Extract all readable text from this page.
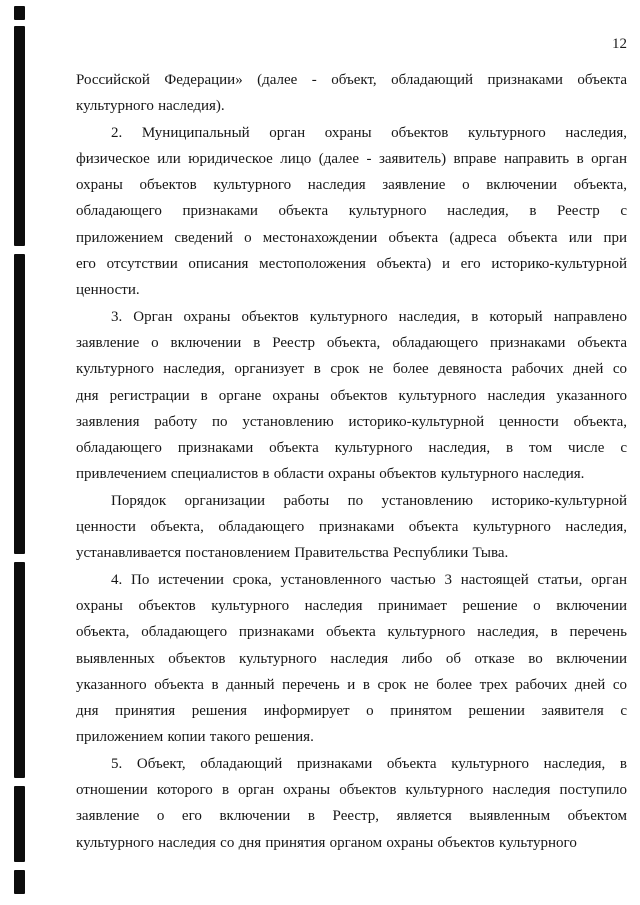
12
Российской Федерации» (далее - объект, обладающий признаками объекта
культурного наследия).
2. Муниципальный орган охраны объектов культурного наследия,
физическое или юридическое лицо (далее - заявитель) вправе направить в орган
охраны объектов культурного наследия заявление о включении объекта,
обладающего признаками объекта культурного наследия, в Реестр с
приложением сведений о местонахождении объекта (адреса объекта или при
его отсутствии описания местоположения объекта) и его историко-культурной
ценности.
3. Орган охраны объектов культурного наследия, в который направлено
заявление о включении в Реестр объекта, обладающего признаками объекта
культурного наследия, организует в срок не более девяноста рабочих дней со
дня регистрации в органе охраны объектов культурного наследия указанного
заявления работу по установлению историко-культурной ценности объекта,
обладающего признаками объекта культурного наследия, в том числе с
привлечением специалистов в области охраны объектов культурного наследия.
Порядок организации работы по установлению историко-культурной
ценности объекта, обладающего признаками объекта культурного наследия,
устанавливается постановлением Правительства Республики Тыва.
4. По истечении срока, установленного частью 3 настоящей статьи, орган
охраны объектов культурного наследия принимает решение о включении
объекта, обладающего признаками объекта культурного наследия, в перечень
выявленных объектов культурного наследия либо об отказе во включении
указанного объекта в данный перечень и в срок не более трех рабочих дней со
дня принятия решения информирует о принятом решении заявителя с
приложением копии такого решения.
5. Объект, обладающий признаками объекта культурного наследия, в
отношении которого в орган охраны объектов культурного наследия поступило
заявление о его включении в Реестр, является выявленным объектом
культурного наследия со дня принятия органом охраны объектов культурного
